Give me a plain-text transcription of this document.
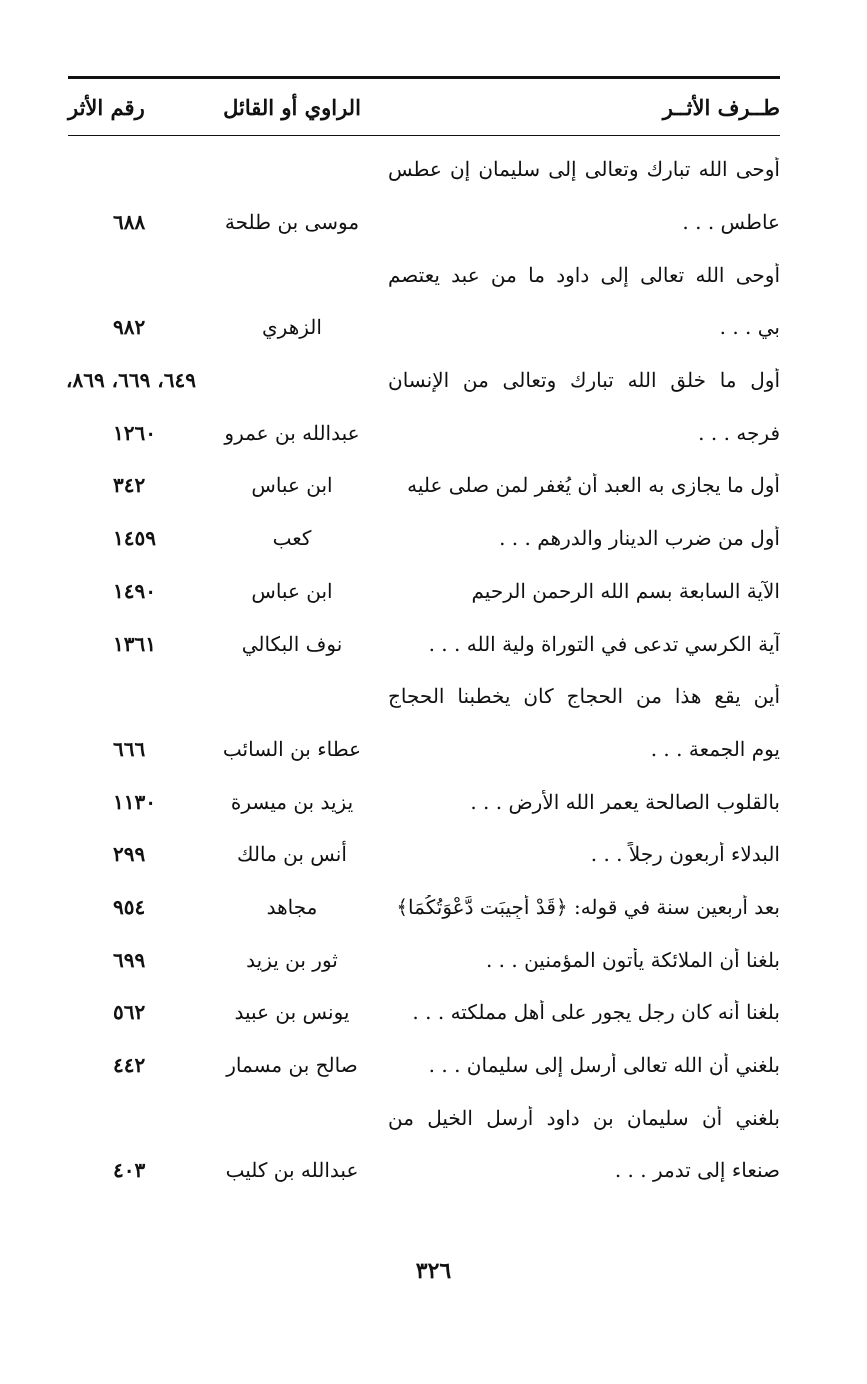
طــرف الأثــر
الراوي أو القائل
رقم الأثر
أوحى الله تبارك وتعالى إلى سليمان إن عطس
عاطس . . .
موسى بن طلحة
٦٨٨
أوحى الله تعالى إلى داود ما من عبد يعتصم
بي . . .
الزهري
٩٨٢
أول ما خلق الله تبارك وتعالى من الإنسان
٦٤٩، ٦٦٩، ٨٦٩،
فرجه . . .
عبدالله بن عمرو
١٢٦٠
أول ما يجازى به العبد أن يُغفر لمن صلى عليه
ابن عباس
٣٤٢
أول من ضرب الدينار والدرهم . . .
كعب
١٤٥٩
الآية السابعة بسم الله الرحمن الرحيم
ابن عباس
١٤٩٠
آية الكرسي تدعى في التوراة ولية الله . . .
نوف البكالي
١٣٦١
أين يقع هذا من الحجاج كان يخطبنا الحجاج
يوم الجمعة . . .
عطاء بن السائب
٦٦٦
بالقلوب الصالحة يعمر الله الأرض . . .
يزيد بن ميسرة
١١٣٠
البدلاء أربعون رجلاً . . .
أنس بن مالك
٢٩٩
بعد أربعين سنة في قوله: ﴿قَدْ أُجِيبَت دَّعْوَتُكُمَا﴾
مجاهد
٩٥٤
بلغنا أن الملائكة يأتون المؤمنين . . .
ثور بن يزيد
٦٩٩
بلغنا أنه كان رجل يجور على أهل مملكته . . .
يونس بن عبيد
٥٦٢
بلغني أن الله تعالى أرسل إلى سليمان . . .
صالح بن مسمار
٤٤٢
بلغني أن سليمان بن داود أرسل الخيل من
صنعاء إلى تدمر . . .
عبدالله بن كليب
٤٠٣
٣٢٦
